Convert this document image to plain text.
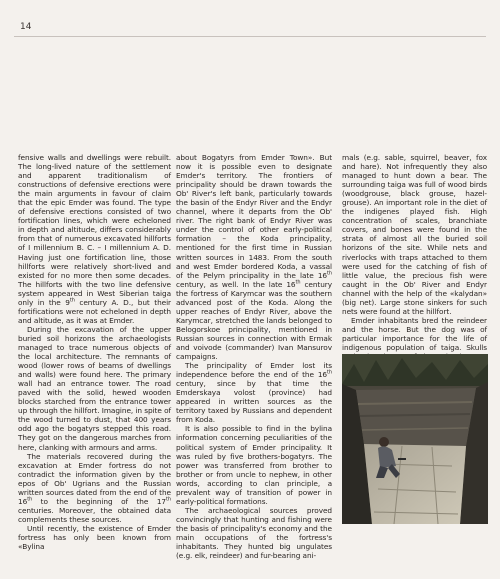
14

fensive walls and dwellings were rebuilt. The long-lived nature of the settlement and apparent traditionalism of constructions of defensive erections were the main arguments in favour of claim that the epic Emder was found. The type of defensive erections consisted of two fortification lines, which were echeloned in depth and altitude, differs considerably from that of numerous excavated hillforts of I millennium B. C. – I millennium A. D. Having just one fortification line, those hillforts were relatively short-lived and existed for no more then some decades. The hillforts with the two line defensive system appeared in West Siberian taiga only in the 9th century A. D., but their fortifications were not echeloned in depth and altitude, as it was at Emder.

During the excavation of the upper buried soil horizons the archaeologists managed to trace numerous objects of the local architecture. The remnants of wood (lower rows of beams of dwellings and walls) were found here. The primary wall had an entrance tower. The road paved with the solid, hewed wooden blocks starched from the entrance tower up through the hillfort. Imagine, in spite of the wood turned to dust, that 400 years odd ago the bogatyrs stepped this road. They got on the dangerous marches from here, clanking with armours and arms.

The materials recovered during the excavation at Emder fortress do not contradict the information given by the epos of Ob' Ugrians and the Russian written sources dated from the end of the 16th to the beginning of the 17th centuries. Moreover, the obtained data complements these sources.

Until recently, the existence of Emder fortress has only been known from «Bylina

about Bogatyrs from Emder Town». But now it is possible even to designate Emder's territory. The frontiers of principality should be drawn towards the Ob' River's left bank, particularly towards the basin of the Endyr River and the Endyr channel, where it departs from the Ob' river. The right bank of Endyr River was under the control of other early-political formation – the Koda principality, mentioned for the first time in Russian written sources in 1483. From the south and west Emder bordered Koda, a vassal of the Pelym principality in the late 16th century, as well. In the late 16th century the fortress of Karymcar was the southern advanced post of the Koda. Along the upper reaches of Endyr River, above the Karymcar, stretched the lands belonged to Belogorskoe principality, mentioned in Russian sources in connection with Ermak and voivode (commander) Ivan Mansurov campaigns.

The principality of Emder lost its independence before the end of the 16th century, since by that time the Emderskaya volost (province) had appeared in written sources as the territory taxed by Russians and dependent from Koda.

It is also possible to find in the bylina information concerning peculiarities of the political system of Emder principality. It was ruled by five brothers-bogatyrs. The power was transferred from brother to brother or from uncle to nephew, in other words, according to clan principle, a prevalent way of transition of power in early-political formations.

The archaeological sources proved convincingly that hunting and fishing were the basis of principality's economy and the main occupations of the fortress's inhabitants. They hunted big ungulates (e.g. elk, reindeer) and fur-bearing ani-

mals (e.g. sable, squirrel, beaver, fox and hare). Not infrequently they also managed to hunt down a bear. The surrounding taiga was full of wood birds (woodgrouse, black grouse, hazel-grouse). An important role in the diet of the indigenes played fish. High concentration of scales, branchiate covers, and bones were found in the strata of almost all the buried soil horizons of the site. While nets and riverlocks with traps attached to them were used for the catching of fish of little value, the precious fish were caught in the Ob' River and Endyr channel with the help of the «kalydan» (big net). Large stone sinkers for such nets were found at the hillfort.

Emder inhabitants bred the reindeer and the horse. But the dog was of particular importance for the life of indigenous population of taiga. Skulls
